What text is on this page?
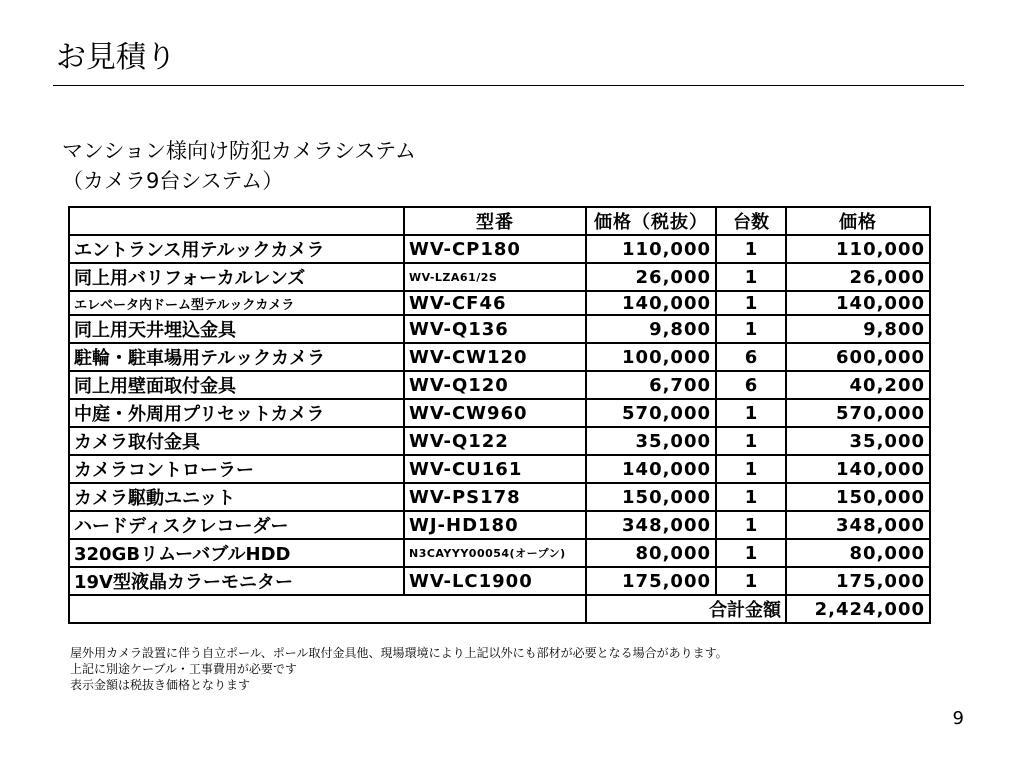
お見積り
マンション様向け防犯カメラシステム
（カメラ9台システム）
	型番	価格（税抜）	台数	価格
エントランス用テルックカメラ	WV-CP180	110,000	1	110,000
同上用バリフォーカルレンズ	WV-LZA61/2S	26,000	1	26,000
エレベータ内ドーム型テルックカメラ	WV-CF46	140,000	1	140,000
同上用天井埋込金具	WV-Q136	9,800	1	9,800
駐輪・駐車場用テルックカメラ	WV-CW120	100,000	6	600,000
同上用壁面取付金具	WV-Q120	6,700	6	40,200
中庭・外周用プリセットカメラ	WV-CW960	570,000	1	570,000
カメラ取付金具	WV-Q122	35,000	1	35,000
カメラコントローラー	WV-CU161	140,000	1	140,000
カメラ駆動ユニット	WV-PS178	150,000	1	150,000
ハードディスクレコーダー	WJ-HD180	348,000	1	348,000
320GBリムーバブルHDD	N3CAYYY00054(オープン)	80,000	1	80,000
19V型液晶カラーモニター	WV-LC1900	175,000	1	175,000
		合計金額		2,424,000
屋外用カメラ設置に伴う自立ポール、ポール取付金具他、現場環境により上記以外にも部材が必要となる場合があります。
上記に別途ケーブル・工事費用が必要です
表示金額は税抜き価格となります
9
